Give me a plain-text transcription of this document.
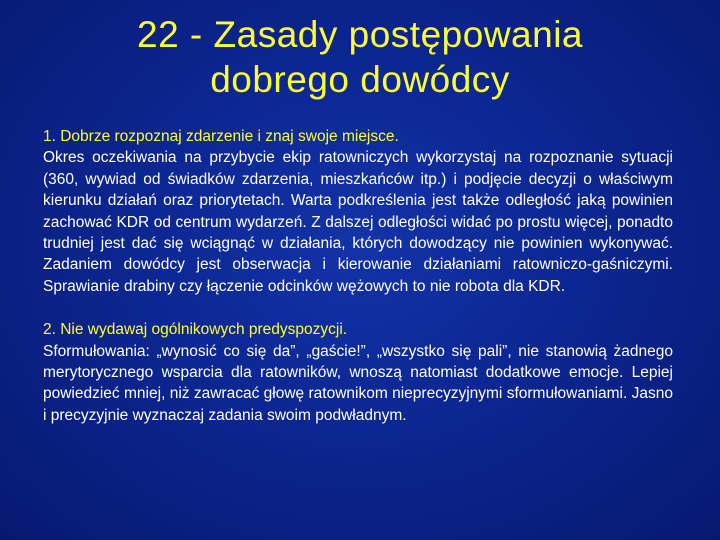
22 - Zasady postępowania
dobrego dowódcy
1. Dobrze rozpoznaj zdarzenie i znaj swoje miejsce.

Okres oczekiwania na przybycie ekip ratowniczych wykorzystaj na rozpoznanie sytuacji (360, wywiad od świadków zdarzenia, mieszkańców itp.) i podjęcie decyzji o właściwym kierunku działań oraz priorytetach. Warta podkreślenia jest także odległość jaką powinien zachować KDR od centrum wydarzeń. Z dalszej odległości widać po prostu więcej, ponadto trudniej jest dać się wciągnąć w działania, których dowodzący nie powinien wykonywać. Zadaniem dowódcy jest obserwacja i kierowanie działaniami ratowniczo-gaśniczymi. Sprawianie drabiny czy łączenie odcinków wężowych to nie robota dla KDR.

2. Nie wydawaj ogólnikowych predyspozycji.

Sformułowania: „wynosić co się da”, „gaście!”, „wszystko się pali”, nie stanowią żadnego merytorycznego wsparcia dla ratowników, wnoszą natomiast dodatkowe emocje. Lepiej powiedzieć mniej, niż zawracać głowę ratownikom nieprecyzyjnymi sformułowaniami. Jasno i precyzyjnie wyznaczaj zadania swoim podwładnym.
